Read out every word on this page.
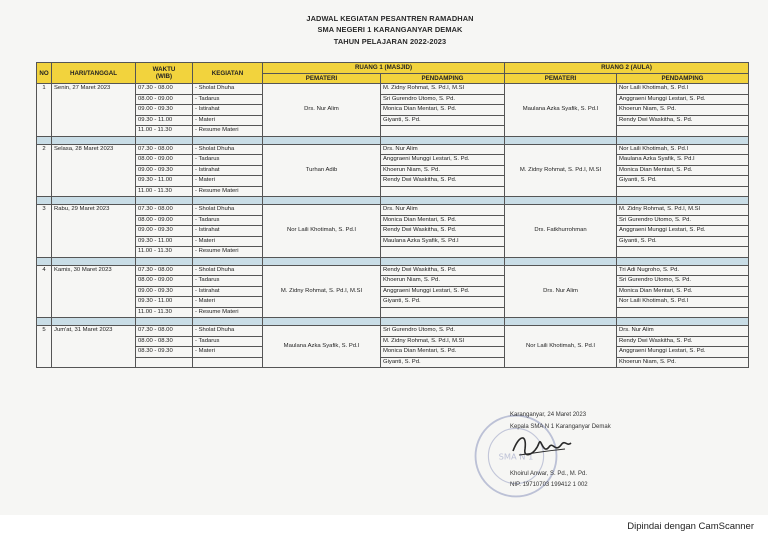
JADWAL KEGIATAN PESANTREN RAMADHAN
SMA NEGERI 1 KARANGANYAR DEMAK
TAHUN PELAJARAN 2022-2023
NO	HARI/TANGGAL	WAKTU
(WIB)	KEGIATAN	RUANG 1 (MASJID)		RUANG 2 (AULA)	
				PEMATERI	PENDAMPING	PEMATERI	PENDAMPING
1	Senin, 27 Maret 2023	07.30 - 08.00	- Sholat Dhuha	Drs. Nur Alim	M. Zidny Rohmat, S. Pd.I, M.SI	Maulana Azka Syafik, S. Pd.I	Nor Laili Khotimah, S. Pd.I
		08.00 - 09.00	- Tadarus		Sri Gurendro Utomo, S. Pd.		Anggraeni Munggi Lestari, S. Pd.
		09.00 - 09.30	- Istirahat		Monica Dian Mentari, S. Pd.		Khoerun Niam, S. Pd.
		09.30 - 11.00	- Materi		Giyanti, S. Pd.		Rendy Dwi Waskitha, S. Pd.
		11.00 - 11.30	- Resume Materi				

2	Selasa, 28 Maret 2023	07.30 - 08.00	- Sholat Dhuha	Turhan Adib	Drs. Nur Alim	M. Zidny Rohmat, S. Pd.I, M.SI	Nor Laili Khotimah, S. Pd.I
		08.00 - 09.00	- Tadarus		Anggraeni Munggi Lestari, S. Pd.		Maulana Azka Syafik, S. Pd.I
		09.00 - 09.30	- Istirahat		Khoerun Niam, S. Pd.		Monica Dian Mentari, S. Pd.
		09.30 - 11.00	- Materi		Rendy Dwi Waskitha, S. Pd.		Giyanti, S. Pd.
		11.00 - 11.30	- Resume Materi				

3	Rabu, 29 Maret 2023	07.30 - 08.00	- Sholat Dhuha	Nor Laili Khotimah, S. Pd.I	Drs. Nur Alim	Drs. Fatkhurrohman	M. Zidny Rohmat, S. Pd.I, M.SI
		08.00 - 09.00	- Tadarus		Monica Dian Mentari, S. Pd.		Sri Gurendro Utomo, S. Pd.
		09.00 - 09.30	- Istirahat		Rendy Dwi Waskitha, S. Pd.		Anggraeni Munggi Lestari, S. Pd.
		09.30 - 11.00	- Materi		Maulana Azka Syafik, S. Pd.I		Giyanti, S. Pd.
		11.00 - 11.30	- Resume Materi				

4	Kamis, 30 Maret 2023	07.30 - 08.00	- Sholat Dhuha	M. Zidny Rohmat, S. Pd.I, M.SI	Rendy Dwi Waskitha, S. Pd.	Drs. Nur Alim	Tri Adi Nugroho, S. Pd.
		08.00 - 09.00	- Tadarus		Khoerun Niam, S. Pd.		Sri Gurendro Utomo, S. Pd.
		09.00 - 09.30	- Istirahat		Anggraeni Munggi Lestari, S. Pd.		Monica Dian Mentari, S. Pd.
		09.30 - 11.00	- Materi		Giyanti, S. Pd.		Nor Laili Khotimah, S. Pd.I
		11.00 - 11.30	- Resume Materi				

5	Jum'at, 31 Maret 2023	07.30 - 08.00	- Sholat Dhuha	Maulana Azka Syafik, S. Pd.I	Sri Gurendro Utomo, S. Pd.	Nor Laili Khotimah, S. Pd.I	Drs. Nur Alim
		08.00 - 08.30	- Tadarus		M. Zidny Rohmat, S. Pd.I, M.SI		Rendy Dwi Waskitha, S. Pd.
		08.30 - 09.30	- Materi		Monica Dian Mentari, S. Pd.		Anggraeni Munggi Lestari, S. Pd.
					Giyanti, S. Pd.		Khoerun Niam, S. Pd.
SMA N 1
Karanganyar, 24 Maret 2023
Kepala SMA N 1 Karanganyar Demak
Khoirul Anwar, S. Pd., M. Pd.
NIP. 19710703 199412 1 002
Dipindai dengan CamScanner
